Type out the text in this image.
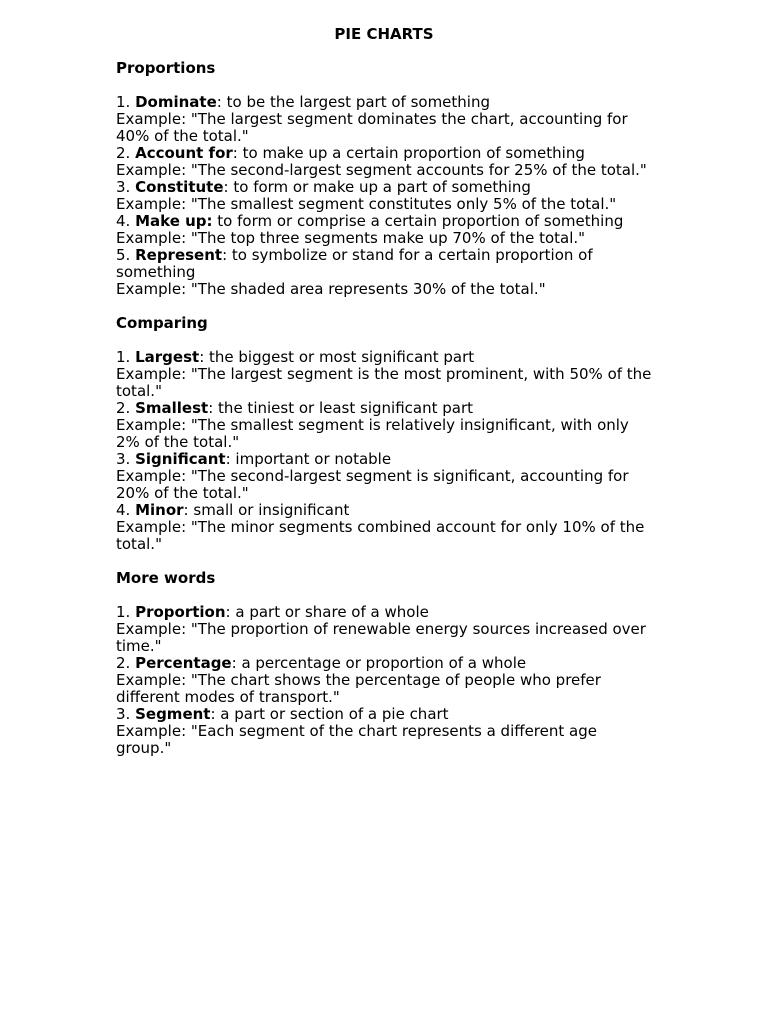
PIE CHARTS

Proportions

1. Dominate: to be the largest part of something

Example: "The largest segment dominates the chart, accounting for 40% of the total."

2. Account for: to make up a certain proportion of something

Example: "The second-largest segment accounts for 25% of the total."

3. Constitute: to form or make up a part of something

Example: "The smallest segment constitutes only 5% of the total."

4. Make up: to form or comprise a certain proportion of something

Example: "The top three segments make up 70% of the total."

5. Represent: to symbolize or stand for a certain proportion of something

Example: "The shaded area represents 30% of the total."

Comparing

1. Largest: the biggest or most significant part

Example: "The largest segment is the most prominent, with 50% of the total."

2. Smallest: the tiniest or least significant part

Example: "The smallest segment is relatively insignificant, with only 2% of the total."

3. Significant: important or notable

Example: "The second-largest segment is significant, accounting for 20% of the total."

4. Minor: small or insignificant

Example: "The minor segments combined account for only 10% of the total."

More words

1. Proportion: a part or share of a whole

Example: "The proportion of renewable energy sources increased over time."

2. Percentage: a percentage or proportion of a whole

Example: "The chart shows the percentage of people who prefer different modes of transport."

3. Segment: a part or section of a pie chart

Example: "Each segment of the chart represents a different age group."
